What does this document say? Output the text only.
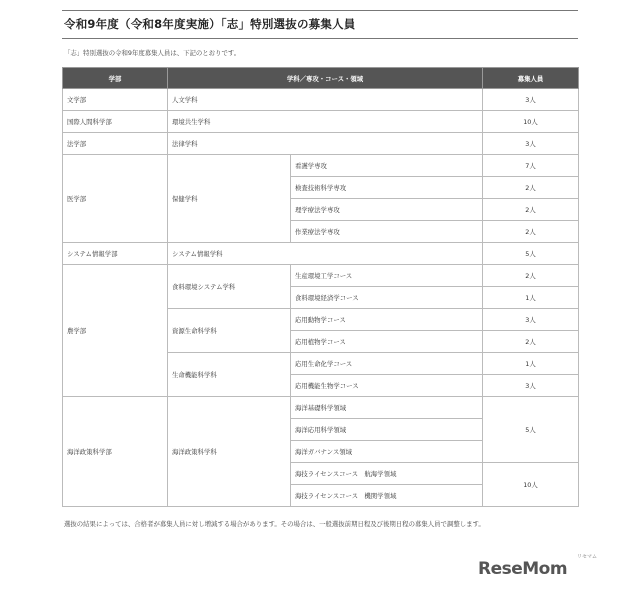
令和9年度（令和8年度実施）「志」特別選抜の募集人員

「志」特別選抜の令和9年度募集人員は、下記のとおりです。

学部	学科／専攻・コース・領域		募集人員
文学部	人文学科		3人
国際人間科学部	環境共生学科		10人
法学部	法律学科		3人
医学部	保健学科	看護学専攻	7人
		検査技術科学専攻	2人
		理学療法学専攻	2人
		作業療法学専攻	2人
システム情報学部	システム情報学科		5人
農学部	食料環境システム学科	生産環境工学コース	2人
		食料環境経済学コース	1人
	資源生命科学科	応用動物学コース	3人
		応用植物学コース	2人
	生命機能科学科	応用生命化学コース	1人
		応用機能生物学コース	3人
海洋政策科学部	海洋政策科学科	海洋基礎科学領域	5人
		海洋応用科学領域	
		海洋ガバナンス領域	
		海技ライセンスコース　航海学領域	10人
		海技ライセンスコース　機関学領域	

選抜の結果によっては、合格者が募集人員に対し増減する場合があります。その場合は、一般選抜前期日程及び後期日程の募集人員で調整します。

ReseMom
リセマム
